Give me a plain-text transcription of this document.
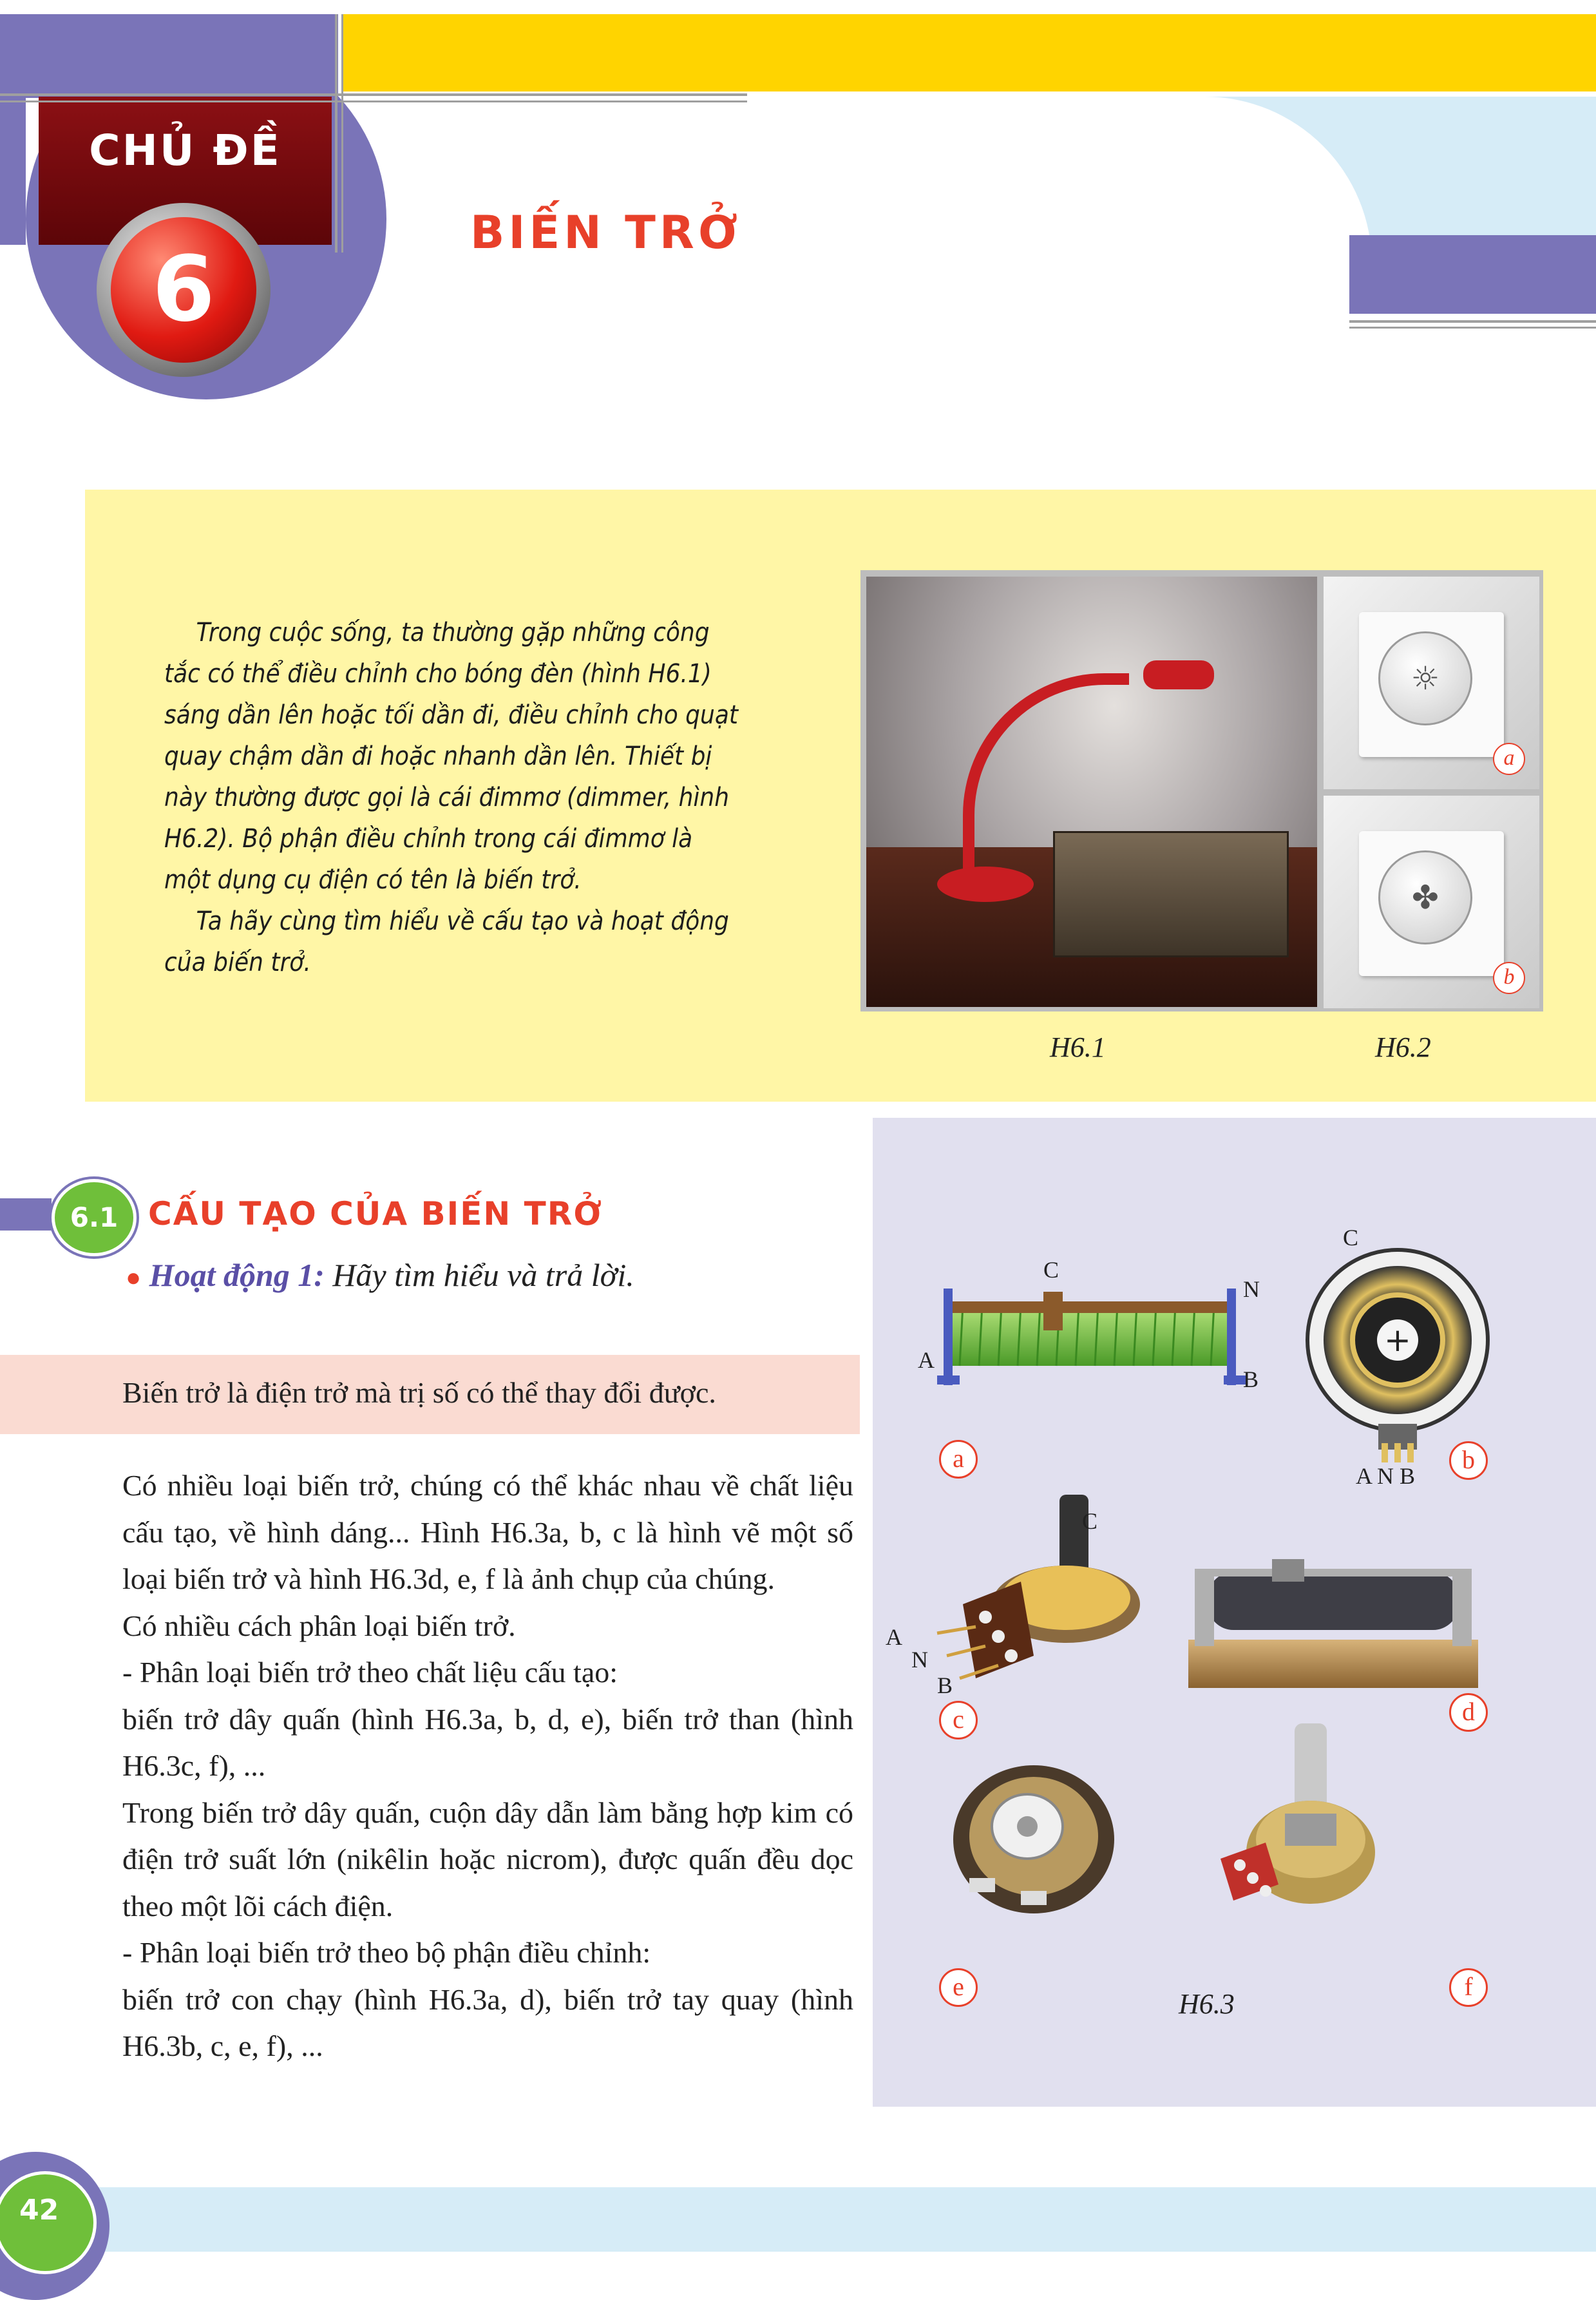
CHỦ ĐỀ
6
BIẾN TRỞ

Trong cuộc sống, ta thường gặp những công tắc có thể điều chỉnh cho bóng đèn (hình H6.1) sáng dần lên hoặc tối dần đi, điều chỉnh cho quạt quay chậm dần đi hoặc nhanh dần lên. Thiết bị này thường được gọi là cái đimmơ (dimmer, hình H6.2). Bộ phận điều chỉnh trong cái đimmơ là một dụng cụ điện có tên là biến trở.

Ta hãy cùng tìm hiểu về cấu tạo và hoạt động của biến trở.

☼
a
✤
b
H6.1	H6.2
6.1 CẤU TẠO CỦA BIẾN TRỞ
● Hoạt động 1: Hãy tìm hiểu và trả lời.
Biến trở là điện trở mà trị số có thể thay đổi được.

Có nhiều loại biến trở, chúng có thể khác nhau về chất liệu cấu tạo, về hình dáng... Hình H6.3a, b, c là hình vẽ một số loại biến trở và hình H6.3d, e, f là ảnh chụp của chúng.

Có nhiều cách phân loại biến trở.

- Phân loại biến trở theo chất liệu cấu tạo:

biến trở dây quấn (hình H6.3a, b, d, e), biến trở than (hình H6.3c, f), ...

Trong biến trở dây quấn, cuộn dây dẫn làm bằng hợp kim có điện trở suất lớn (nikêlin hoặc nicrom), được quấn đều dọc theo một lõi cách điện.

- Phân loại biến trở theo bộ phận điều chỉnh:

biến trở con chạy (hình H6.3a, d), biến trở tay quay (hình H6.3b, c, e, f), ...

+
C
N
A
B
C
A N B
C
A
N
B
a	b
c	d
e	f
H6.3
42
